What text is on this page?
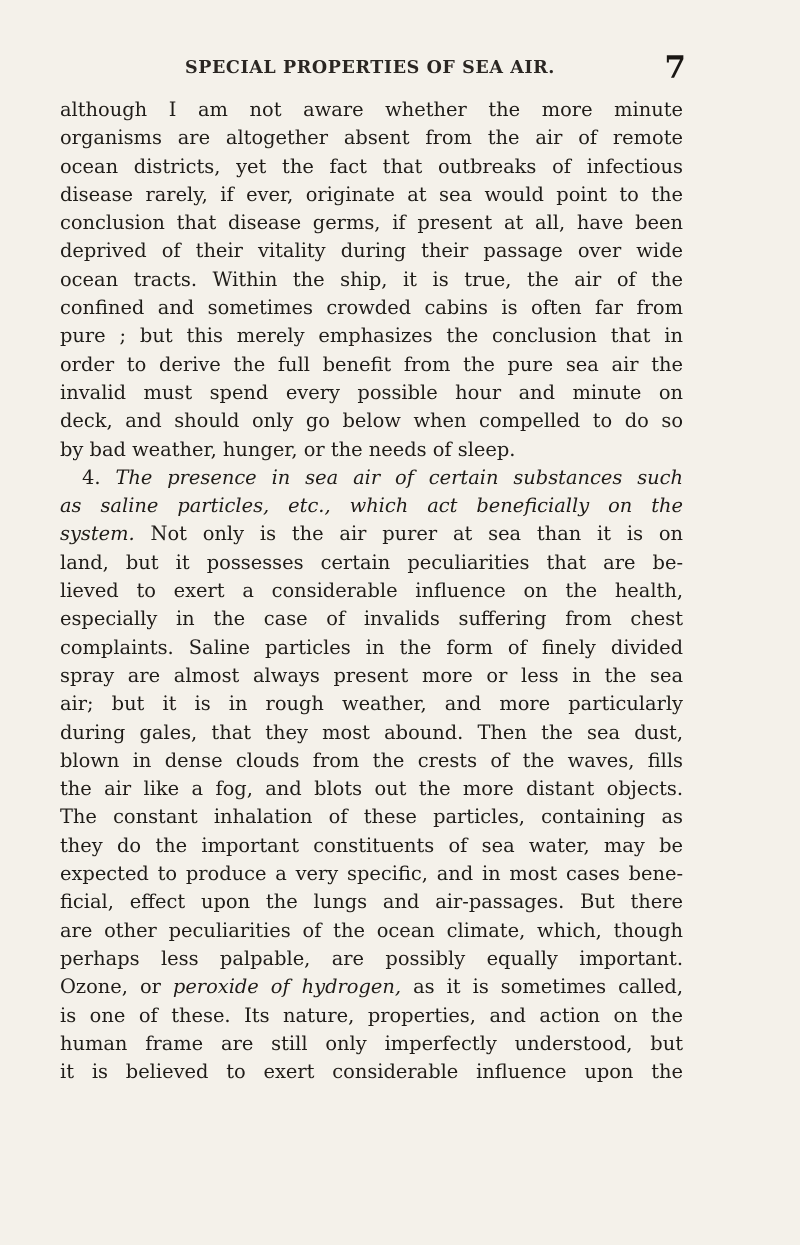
SPECIAL PROPERTIES OF SEA AIR.	7
although I am not aware whether the more minute
organisms are altogether absent from the air of remote
ocean districts, yet the fact that outbreaks of infectious
disease rarely, if ever, originate at sea would point to the
conclusion that disease germs, if present at all, have been
deprived of their vitality during their passage over wide
ocean tracts. Within the ship, it is true, the air of the
confined and sometimes crowded cabins is often far from
pure ; but this merely emphasizes the conclusion that in
order to derive the full benefit from the pure sea air the
invalid must spend every possible hour and minute on
deck, and should only go below when compelled to do so
by bad weather, hunger, or the needs of sleep.
4. The presence in sea air of certain substances such
as saline particles, etc., which act beneficially on the
system. Not only is the air purer at sea than it is on
land, but it possesses certain peculiarities that are be-
lieved to exert a considerable influence on the health,
especially in the case of invalids suffering from chest
complaints. Saline particles in the form of finely divided
spray are almost always present more or less in the sea
air; but it is in rough weather, and more particularly
during gales, that they most abound. Then the sea dust,
blown in dense clouds from the crests of the waves, fills
the air like a fog, and blots out the more distant objects.
The constant inhalation of these particles, containing as
they do the important constituents of sea water, may be
expected to produce a very specific, and in most cases bene-
ficial, effect upon the lungs and air-passages. But there
are other peculiarities of the ocean climate, which, though
perhaps less palpable, are possibly equally important.
Ozone, or peroxide of hydrogen, as it is sometimes called,
is one of these. Its nature, properties, and action on the
human frame are still only imperfectly understood, but
it is believed to exert considerable influence upon the
